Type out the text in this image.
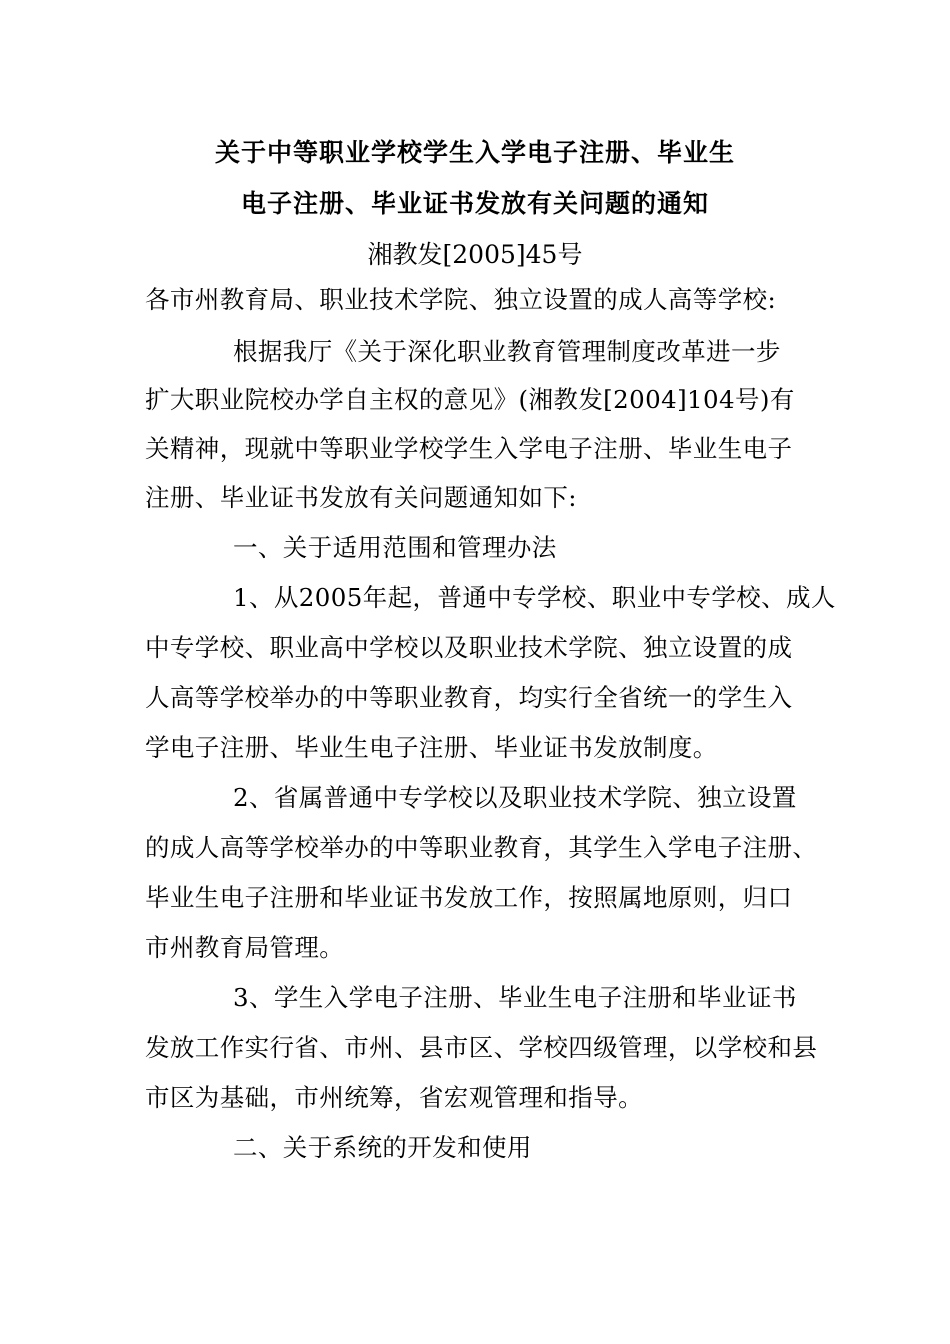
关于中等职业学校学生入学电子注册、毕业生
电子注册、毕业证书发放有关问题的通知
湘教发[2005]45号
各市州教育局、职业技术学院、独立设置的成人高等学校:
根据我厅《关于深化职业教育管理制度改革进一步
扩大职业院校办学自主权的意见》(湘教发[2004]104号)有
关精神，现就中等职业学校学生入学电子注册、毕业生电子
注册、毕业证书发放有关问题通知如下:
一、关于适用范围和管理办法
1、从2005年起，普通中专学校、职业中专学校、成人
中专学校、职业高中学校以及职业技术学院、独立设置的成
人高等学校举办的中等职业教育，均实行全省统一的学生入
学电子注册、毕业生电子注册、毕业证书发放制度。
2、省属普通中专学校以及职业技术学院、独立设置
的成人高等学校举办的中等职业教育，其学生入学电子注册、
毕业生电子注册和毕业证书发放工作，按照属地原则，归口
市州教育局管理。
3、学生入学电子注册、毕业生电子注册和毕业证书
发放工作实行省、市州、县市区、学校四级管理，以学校和县
市区为基础，市州统筹，省宏观管理和指导。
二、关于系统的开发和使用
